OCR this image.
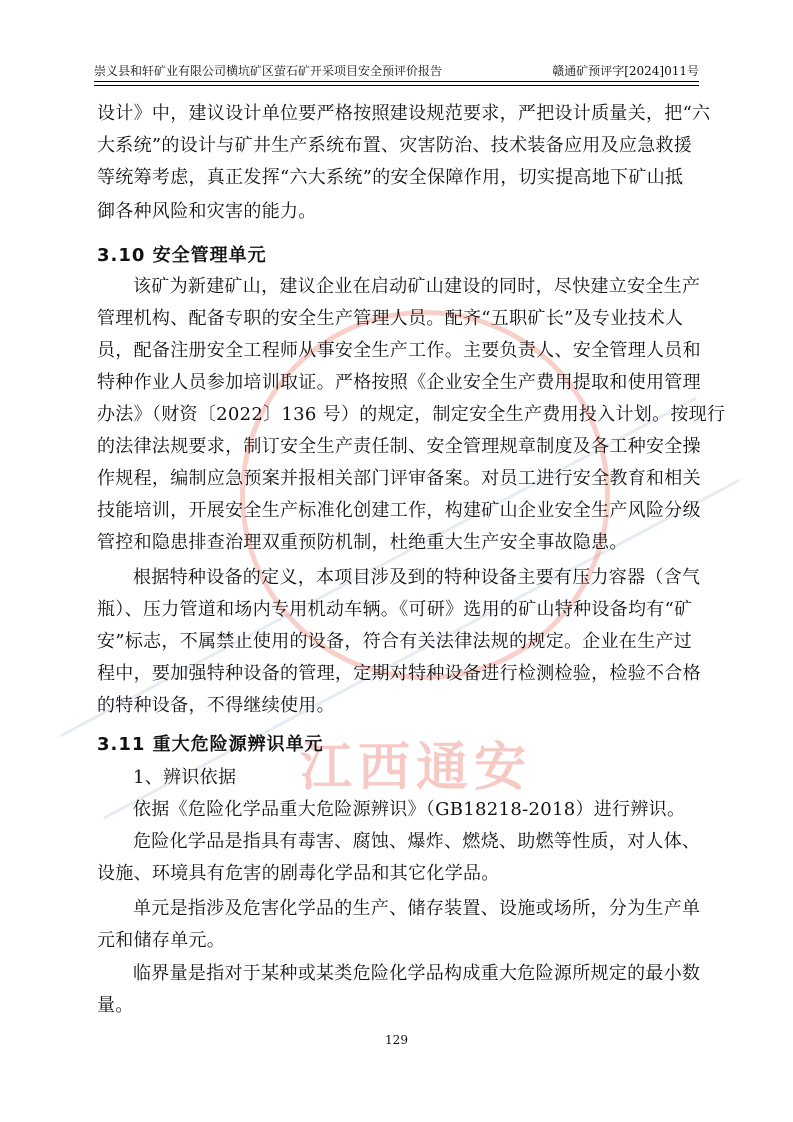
江西通安
崇义县和轩矿业有限公司横坑矿区萤石矿开采项目安全预评价报告	赣通矿预评字[2024]011号
设计》中，建议设计单位要严格按照建设规范要求，严把设计质量关，把“六
大系统”的设计与矿井生产系统布置、灾害防治、技术装备应用及应急救援
等统筹考虑，真正发挥“六大系统”的安全保障作用，切实提高地下矿山抵
御各种风险和灾害的能力。
3.10 安全管理单元
该矿为新建矿山，建议企业在启动矿山建设的同时，尽快建立安全生产
管理机构、配备专职的安全生产管理人员。配齐“五职矿长”及专业技术人
员，配备注册安全工程师从事安全生产工作。主要负责人、安全管理人员和
特种作业人员参加培训取证。严格按照《企业安全生产费用提取和使用管理
办法》（财资〔2022〕136 号）的规定，制定安全生产费用投入计划。按现行
的法律法规要求，制订安全生产责任制、安全管理规章制度及各工种安全操
作规程，编制应急预案并报相关部门评审备案。对员工进行安全教育和相关
技能培训，开展安全生产标准化创建工作，构建矿山企业安全生产风险分级
管控和隐患排查治理双重预防机制，杜绝重大生产安全事故隐患。
根据特种设备的定义，本项目涉及到的特种设备主要有压力容器（含气
瓶）、压力管道和场内专用机动车辆。《可研》选用的矿山特种设备均有“矿
安”标志，不属禁止使用的设备，符合有关法律法规的规定。企业在生产过
程中，要加强特种设备的管理，定期对特种设备进行检测检验，检验不合格
的特种设备，不得继续使用。
3.11 重大危险源辨识单元
1、辨识依据
依据《危险化学品重大危险源辨识》（GB18218-2018）进行辨识。
危险化学品是指具有毒害、腐蚀、爆炸、燃烧、助燃等性质，对人体、
设施、环境具有危害的剧毒化学品和其它化学品。
单元是指涉及危害化学品的生产、储存装置、设施或场所，分为生产单
元和储存单元。
临界量是指对于某种或某类危险化学品构成重大危险源所规定的最小数
量。
129
